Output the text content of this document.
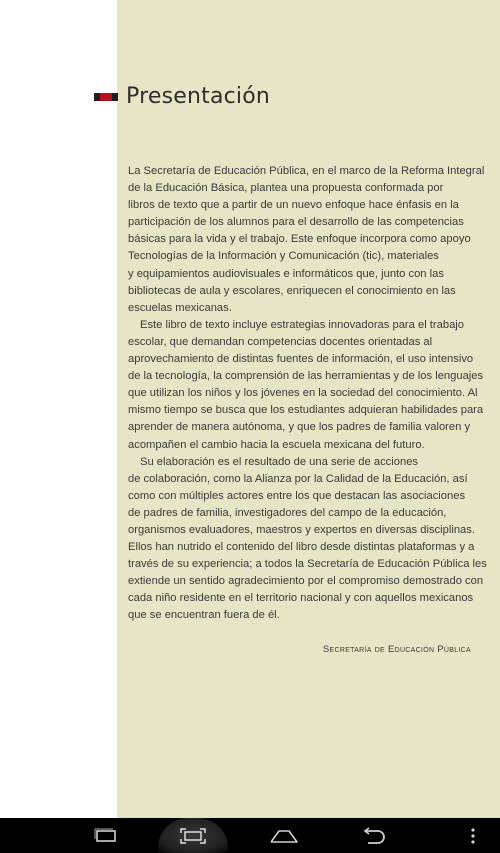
Presentación
La Secretaría de Educación Pública, en el marco de la Reforma Integral
de la Educación Básica, plantea una propuesta conformada por
libros de texto que a partir de un nuevo enfoque hace énfasis en la
participación de los alumnos para el desarrollo de las competencias
básicas para la vida y el trabajo. Este enfoque incorpora como apoyo
Tecnologías de la Información y Comunicación (tic), materiales
y equipamientos audiovisuales e informáticos que, junto con las
bibliotecas de aula y escolares, enriquecen el conocimiento en las
escuelas mexicanas.
Este libro de texto incluye estrategias innovadoras para el trabajo
escolar, que demandan competencias docentes orientadas al
aprovechamiento de distintas fuentes de información, el uso intensivo
de la tecnología, la comprensión de las herramientas y de los lenguajes
que utilizan los niños y los jóvenes en la sociedad del conocimiento. Al
mismo tiempo se busca que los estudiantes adquieran habilidades para
aprender de manera autónoma, y que los padres de familia valoren y
acompañen el cambio hacia la escuela mexicana del futuro.
Su elaboración es el resultado de una serie de acciones
de colaboración, como la Alianza por la Calidad de la Educación, así
como con múltiples actores entre los que destacan las asociaciones
de padres de familia, investigadores del campo de la educación,
organismos evaluadores, maestros y expertos en diversas disciplinas.
Ellos han nutrido el contenido del libro desde distintas plataformas y a
través de su experiencia; a todos la Secretaría de Educación Pública les
extiende un sentido agradecimiento por el compromiso demostrado con
cada niño residente en el territorio nacional y con aquellos mexicanos
que se encuentran fuera de él.
Secretaría de Educación Pública
